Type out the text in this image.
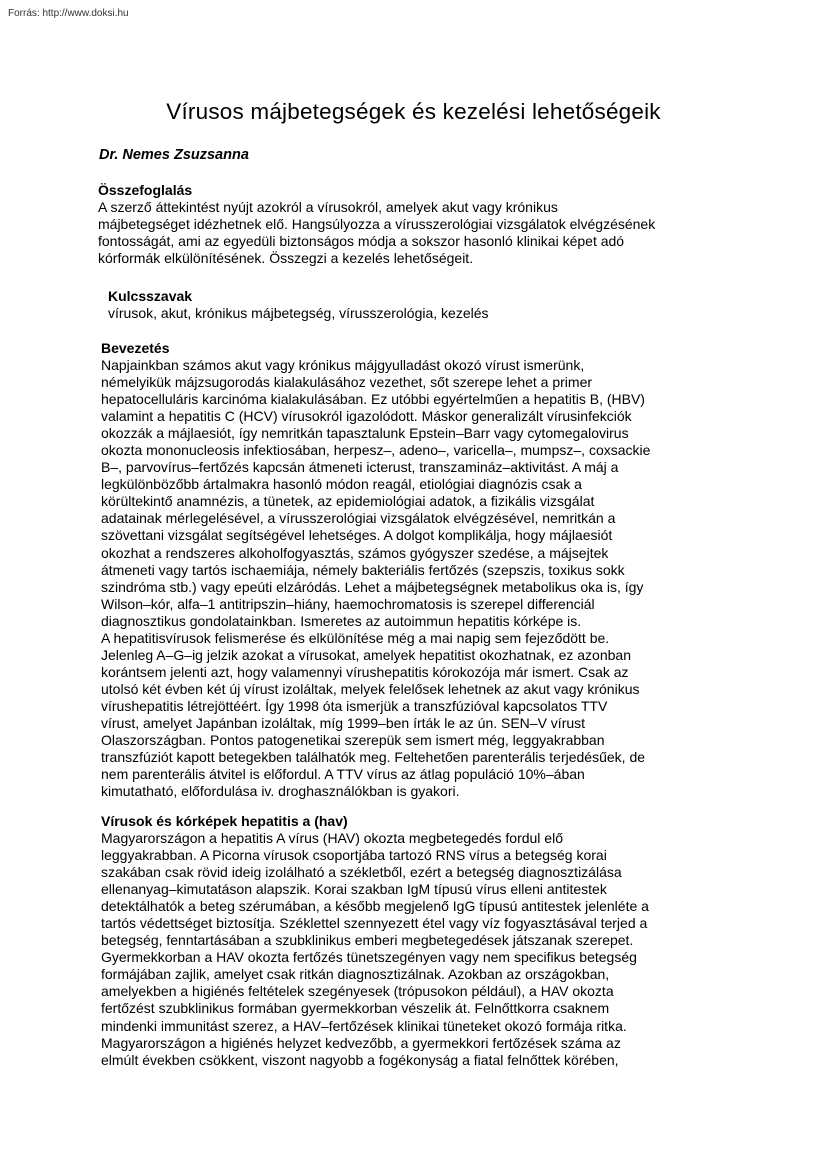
Forrás: http://www.doksi.hu
Vírusos májbetegségek és kezelési lehetőségeik
Dr. Nemes Zsuzsanna
Összefoglalás

A szerző áttekintést nyújt azokról a vírusokról, amelyek akut vagy krónikus
májbetegséget idézhetnek elő. Hangsúlyozza a vírusszerológiai vizsgálatok elvégzésének
fontosságát, ami az egyedüli biztonságos módja a sokszor hasonló klinikai képet adó
kórformák elkülönítésének. Összegzi a kezelés lehetőségeit.

Kulcsszavak

vírusok, akut, krónikus májbetegség, vírusszerológia, kezelés

Bevezetés

Napjainkban számos akut vagy krónikus májgyulladást okozó vírust ismerünk,
némelyikük májzsugorodás kialakulásához vezethet, sőt szerepe lehet a primer
hepatocelluláris karcinóma kialakulásában. Ez utóbbi egyértelműen a hepatitis B, (HBV)
valamint a hepatitis C (HCV) vírusokról igazolódott. Máskor generalizált vírusinfekciók
okozzák a májlaesiót, így nemritkán tapasztalunk Epstein–Barr vagy cytomegalovirus
okozta mononucleosis infektiosában, herpesz–, adeno–, varicella–, mumpsz–, coxsackie
B–, parvovírus–fertőzés kapcsán átmeneti icterust, transzamináz–aktivitást. A máj a
legkülönbözőbb ártalmakra hasonló módon reagál, etiológiai diagnózis csak a
körültekintő anamnézis, a tünetek, az epidemiológiai adatok, a fizikális vizsgálat
adatainak mérlegelésével, a vírusszerológiai vizsgálatok elvégzésével, nemritkán a
szövettani vizsgálat segítségével lehetséges. A dolgot komplikálja, hogy májlaesiót
okozhat a rendszeres alkoholfogyasztás, számos gyógyszer szedése, a májsejtek
átmeneti vagy tartós ischaemiája, némely bakteriális fertőzés (szepszis, toxikus sokk
szindróma stb.) vagy epeúti elzáródás. Lehet a májbetegségnek metabolikus oka is, így
Wilson–kór, alfa–1 antitripszin–hiány, haemochromatosis is szerepel differenciál
diagnosztikus gondolatainkban. Ismeretes az autoimmun hepatitis kórképe is.
A hepatitisvírusok felismerése és elkülönítése még a mai napig sem fejeződött be.
Jelenleg A–G–ig jelzik azokat a vírusokat, amelyek hepatitist okozhatnak, ez azonban
korántsem jelenti azt, hogy valamennyi vírushepatitis kórokozója már ismert. Csak az
utolsó két évben két új vírust izoláltak, melyek felelősek lehetnek az akut vagy krónikus
vírushepatitis létrejöttéért. Így 1998 óta ismerjük a transzfúzióval kapcsolatos TTV
vírust, amelyet Japánban izoláltak, míg 1999–ben írták le az ún. SEN–V vírust
Olaszországban. Pontos patogenetikai szerepük sem ismert még, leggyakrabban
transzfúziót kapott betegekben találhatók meg. Feltehetően parenterális terjedésűek, de
nem parenterális átvitel is előfordul. A TTV vírus az átlag populáció 10%–ában
kimutatható, előfordulása iv. droghasználókban is gyakori.

Vírusok és kórképek hepatitis a (hav)

Magyarországon a hepatitis A vírus (HAV) okozta megbetegedés fordul elő
leggyakrabban. A Picorna vírusok csoportjába tartozó RNS vírus a betegség korai
szakában csak rövid ideig izolálható a székletből, ezért a betegség diagnosztizálása
ellenanyag–kimutatáson alapszik. Korai szakban IgM típusú vírus elleni antitestek
detektálhatók a beteg szérumában, a később megjelenő IgG típusú antitestek jelenléte a
tartós védettséget biztosítja. Széklettel szennyezett étel vagy víz fogyasztásával terjed a
betegség, fenntartásában a szubklinikus emberi megbetegedések játszanak szerepet.
Gyermekkorban a HAV okozta fertőzés tünetszegényen vagy nem specifikus betegség
formájában zajlik, amelyet csak ritkán diagnosztizálnak. Azokban az országokban,
amelyekben a higiénés feltételek szegényesek (trópusokon például), a HAV okozta
fertőzést szubklinikus formában gyermekkorban vészelik át. Felnőttkorra csaknem
mindenki immunitást szerez, a HAV–fertőzések klinikai tüneteket okozó formája ritka.
Magyarországon a higiénés helyzet kedvezőbb, a gyermekkori fertőzések száma az
elmúlt években csökkent, viszont nagyobb a fogékonyság a fiatal felnőttek körében,
